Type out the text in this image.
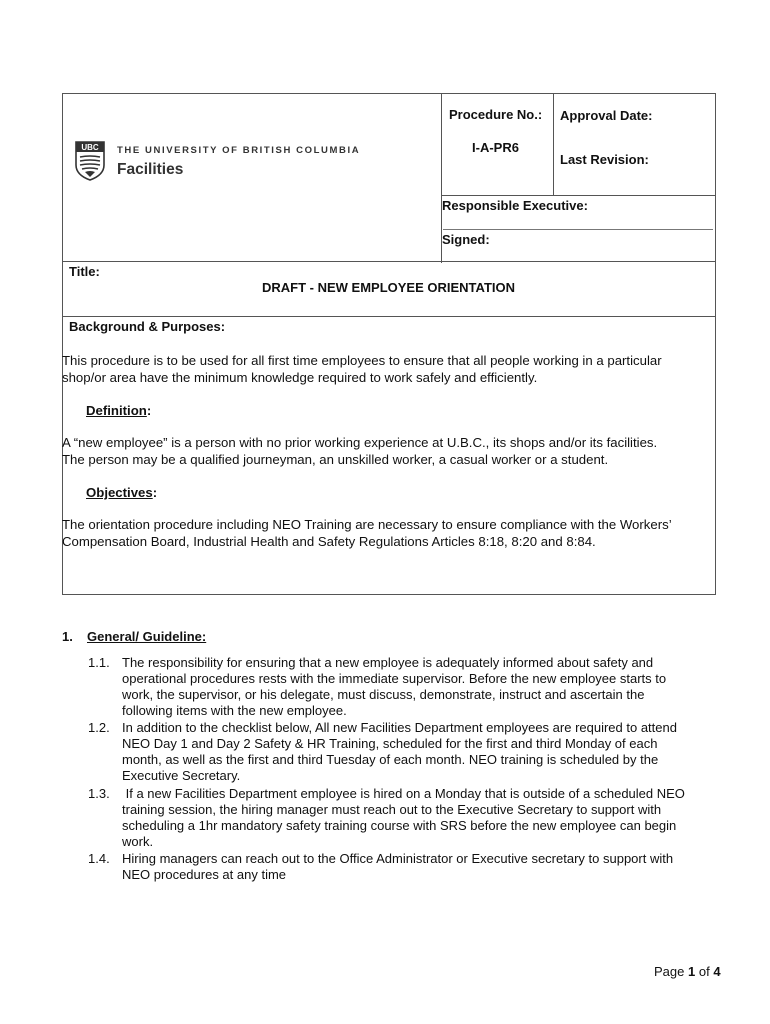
UBC THE UNIVERSITY OF BRITISH COLUMBIA
Facilities
Procedure No.:
I-A-PR6
Approval Date:
Last Revision:
Responsible Executive:
Signed:
Title:
DRAFT - NEW EMPLOYEE ORIENTATION
Background & Purposes:
This procedure is to be used for all first time employees to ensure that all people working in a particular
shop/or area have the minimum knowledge required to work safely and efficiently.
Definition:
A “new employee” is a person with no prior working experience at U.B.C., its shops and/or its facilities.
The person may be a qualified journeyman, an unskilled worker, a casual worker or a student.
Objectives:
The orientation procedure including NEO Training are necessary to ensure compliance with the Workers’
Compensation Board, Industrial Health and Safety Regulations Articles 8:18, 8:20 and 8:84.
1. General/ Guideline:
1.1. The responsibility for ensuring that a new employee is adequately informed about safety and
operational procedures rests with the immediate supervisor. Before the new employee starts to
work, the supervisor, or his delegate, must discuss, demonstrate, instruct and ascertain the
following items with the new employee.
1.2. In addition to the checklist below, All new Facilities Department employees are required to attend
NEO Day 1 and Day 2 Safety & HR Training, scheduled for the first and third Monday of each
month, as well as the first and third Tuesday of each month. NEO training is scheduled by the
Executive Secretary.
1.3. If a new Facilities Department employee is hired on a Monday that is outside of a scheduled NEO
training session, the hiring manager must reach out to the Executive Secretary to support with
scheduling a 1hr mandatory safety training course with SRS before the new employee can begin
work.
1.4. Hiring managers can reach out to the Office Administrator or Executive secretary to support with
NEO procedures at any time
Page 1 of 4
